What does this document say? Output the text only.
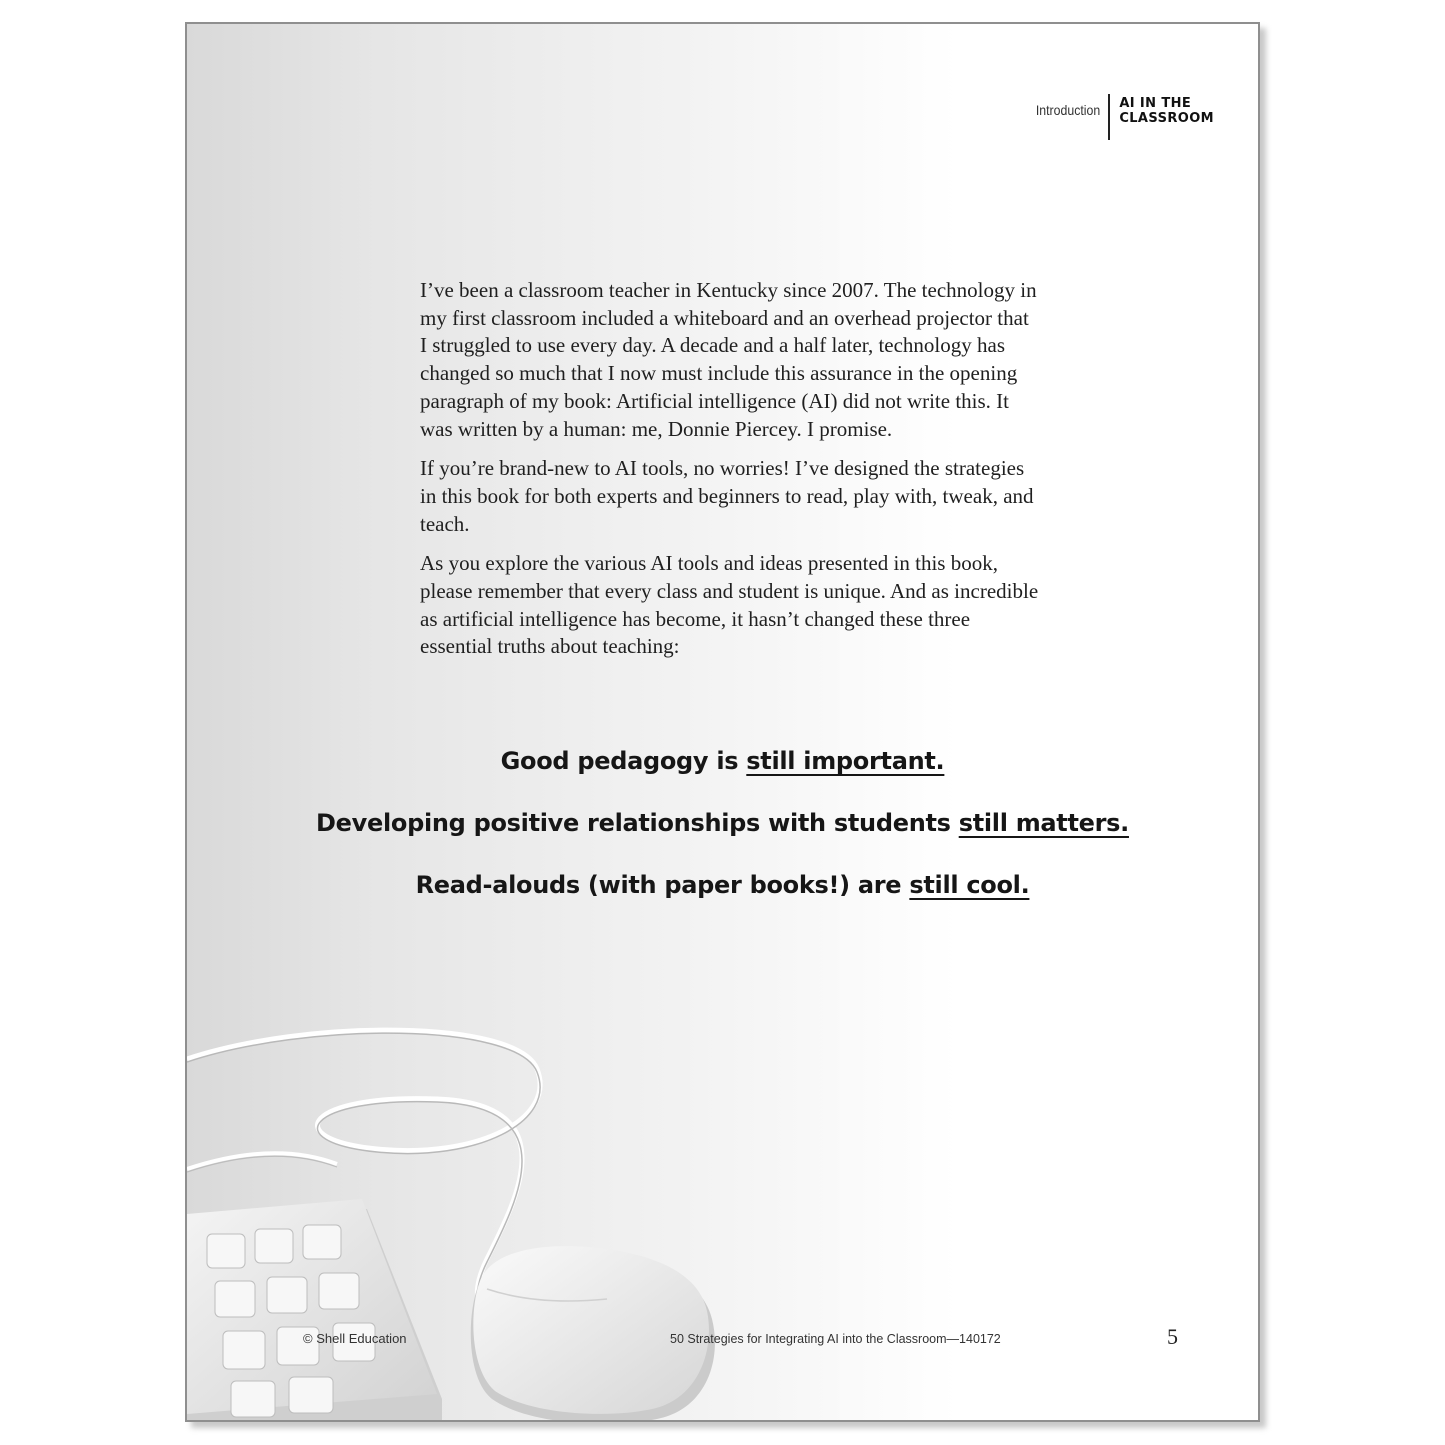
Introduction	AI IN THE
CLASSROOM

I’ve been a classroom teacher in Kentucky since 2007. The technology in my first classroom included a whiteboard and an overhead projector that I struggled to use every day. A decade and a half later, technology has changed so much that I now must include this assurance in the opening paragraph of my book: Artificial intelligence (AI) did not write this. It was written by a human: me, Donnie Piercey. I promise.

If you’re brand-new to AI tools, no worries! I’ve designed the strategies in this book for both experts and beginners to read, play with, tweak, and teach.

As you explore the various AI tools and ideas presented in this book, please remember that every class and student is unique. And as incredible as artificial intelligence has become, it hasn’t changed these three essential truths about teaching:

Good pedagogy is still important.
Developing positive relationships with students still matters.
Read-alouds (with paper books!) are still cool.
© Shell Education	50 Strategies for Integrating AI into the Classroom—140172	5
